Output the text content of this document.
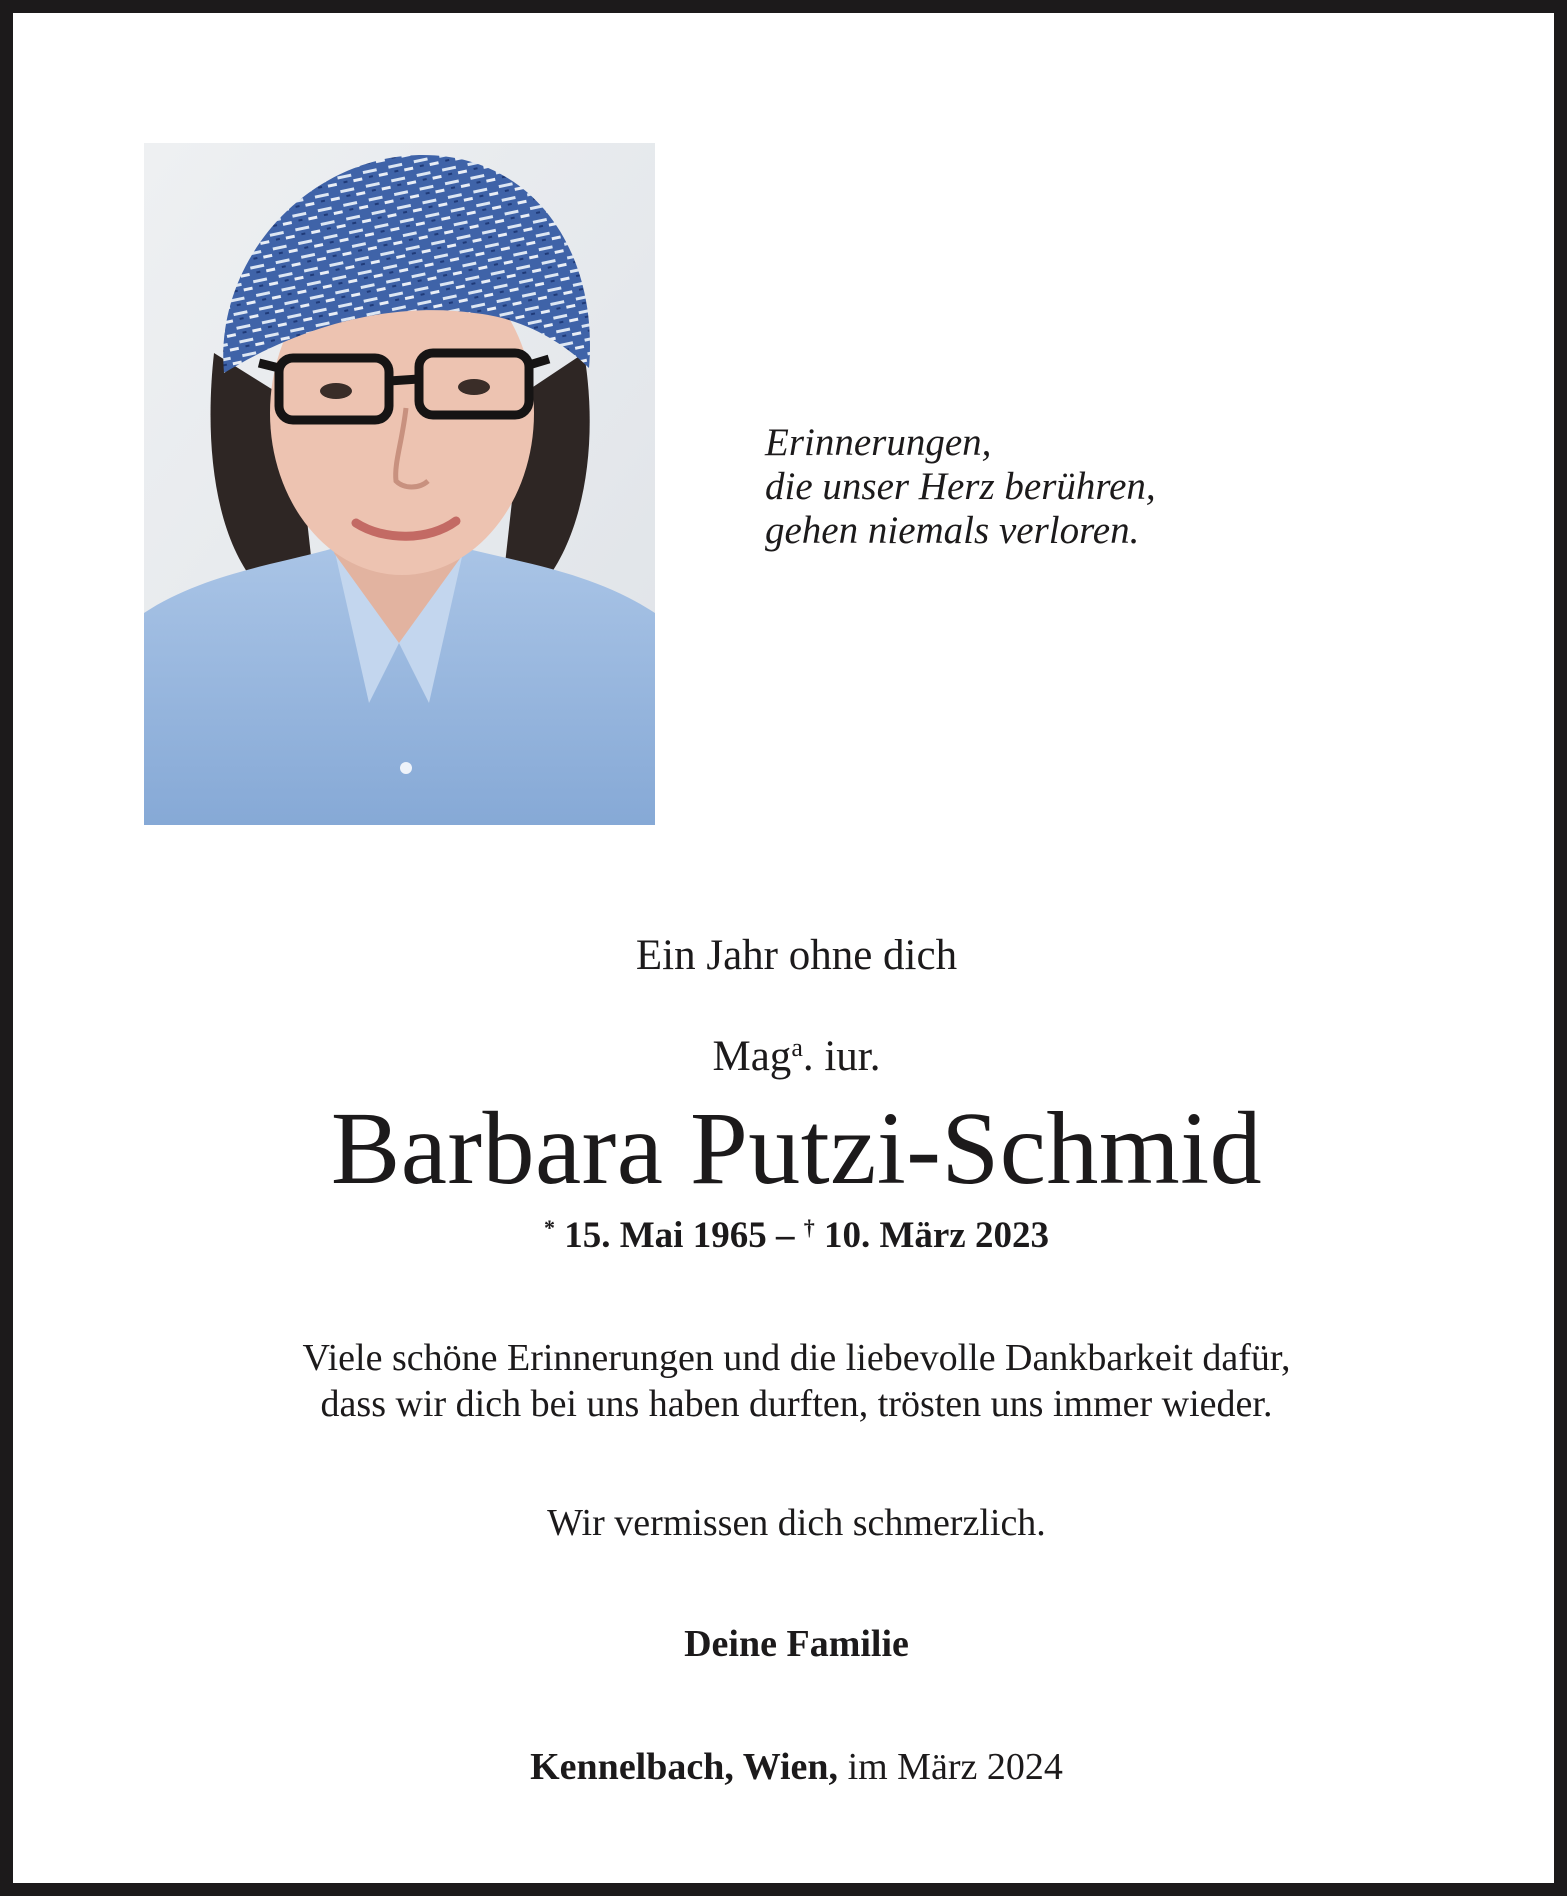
Erinnerungen,
die unser Herz berühren,
gehen niemals verloren.
Ein Jahr ohne dich
Mag$^a$. iur.
Barbara Putzi-Schmid
* 15. Mai 1965 – † 10. März 2023
Viele schöne Erinnerungen und die liebevolle Dankbarkeit dafür,
dass wir dich bei uns haben durften, trösten uns immer wieder.
Wir vermissen dich schmerzlich.
Deine Familie
Kennelbach, Wien, im März 2024
